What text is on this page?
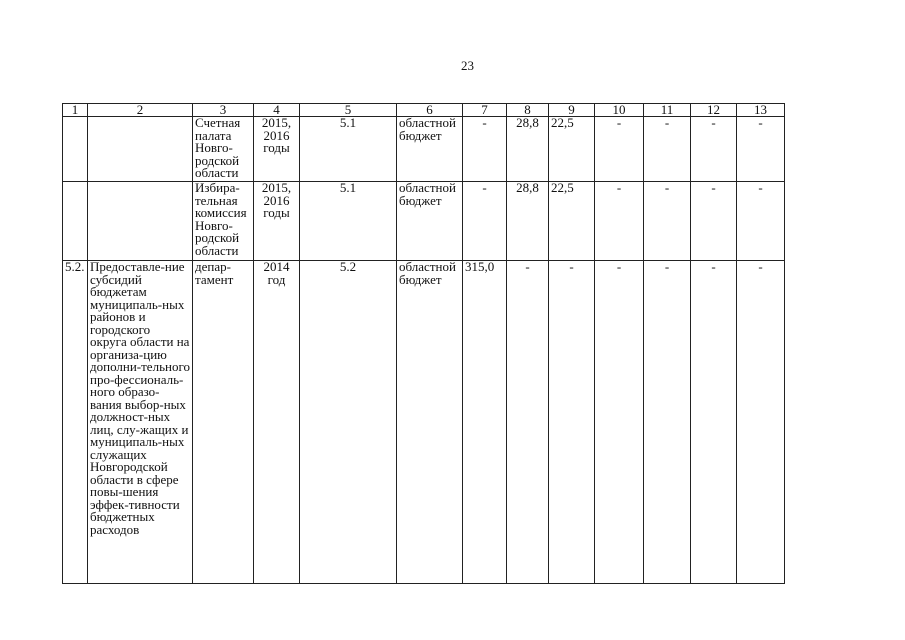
23
1	2	3	4	5	6	7	8	9	10	11	12	13
		Счетная палата Новго-родской области	2015, 2016 годы	5.1	областной бюджет	-	28,8	22,5	-	-	-	-
		Избира-тельная комиссия Новго-родской области	2015, 2016 годы	5.1	областной бюджет	-	28,8	22,5	-	-	-	-
5.2.	Предоставле-ние субсидий бюджетам муниципаль-ных районов и городского округа области на организа-цию дополни-тельного про-фессиональ-ного образо-вания выбор-ных должност-ных лиц, слу-жащих и муниципаль-ных служащих Новгородской области в сфере повы-шения эффек-тивности бюджетных расходов	депар-тамент	2014 год	5.2	областной бюджет	315,0	-	-	-	-	-	-
